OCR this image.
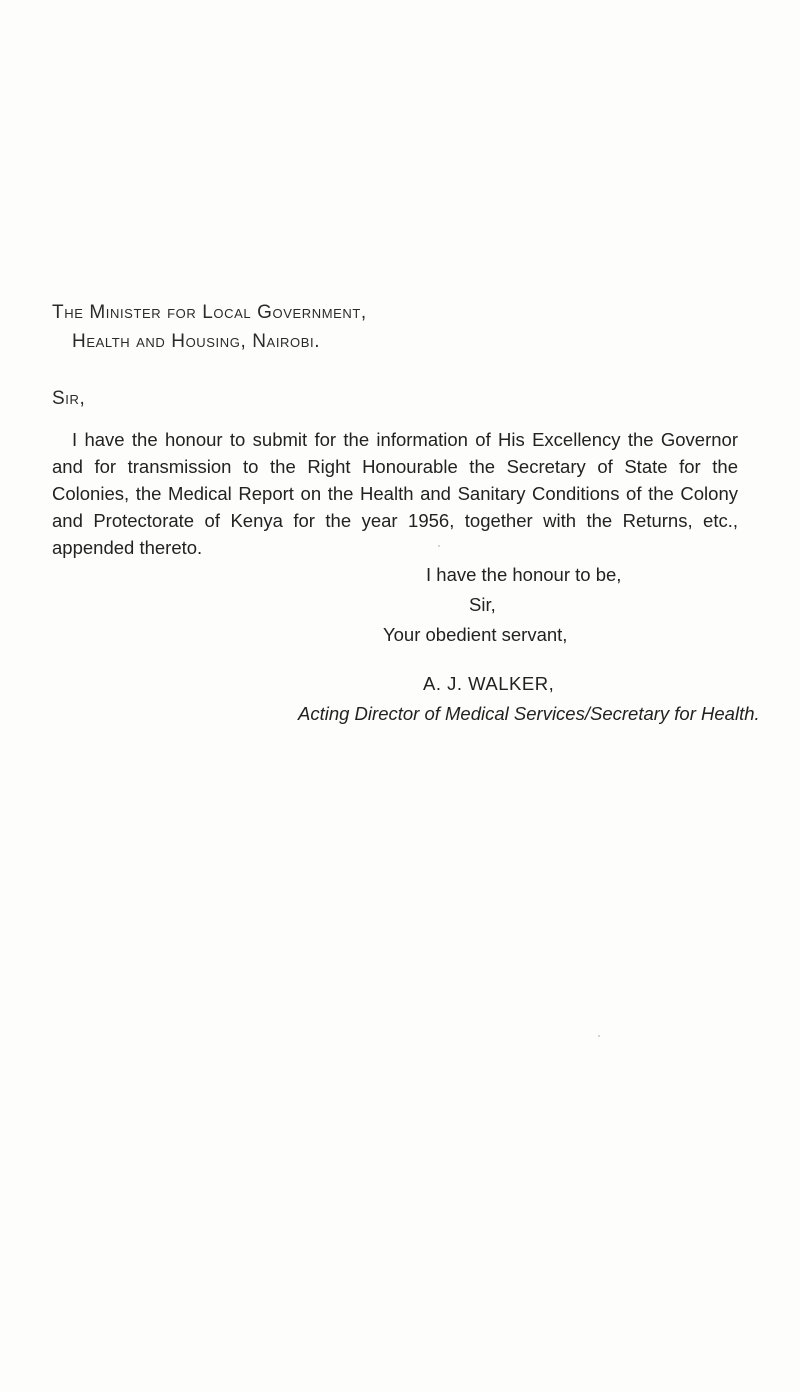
The Minister for Local Government,
Health and Housing, Nairobi.
Sir,

I have the honour to submit for the information of His Excellency the Governor and for transmission to the Right Honourable the Secretary of State for the Colonies, the Medical Report on the Health and Sanitary Conditions of the Colony and Protectorate of Kenya for the year 1956, together with the Returns, etc., appended thereto.

I have the honour to be,
Sir,
Your obedient servant,
A. J. WALKER,
Acting Director of Medical Services/Secretary for Health.
